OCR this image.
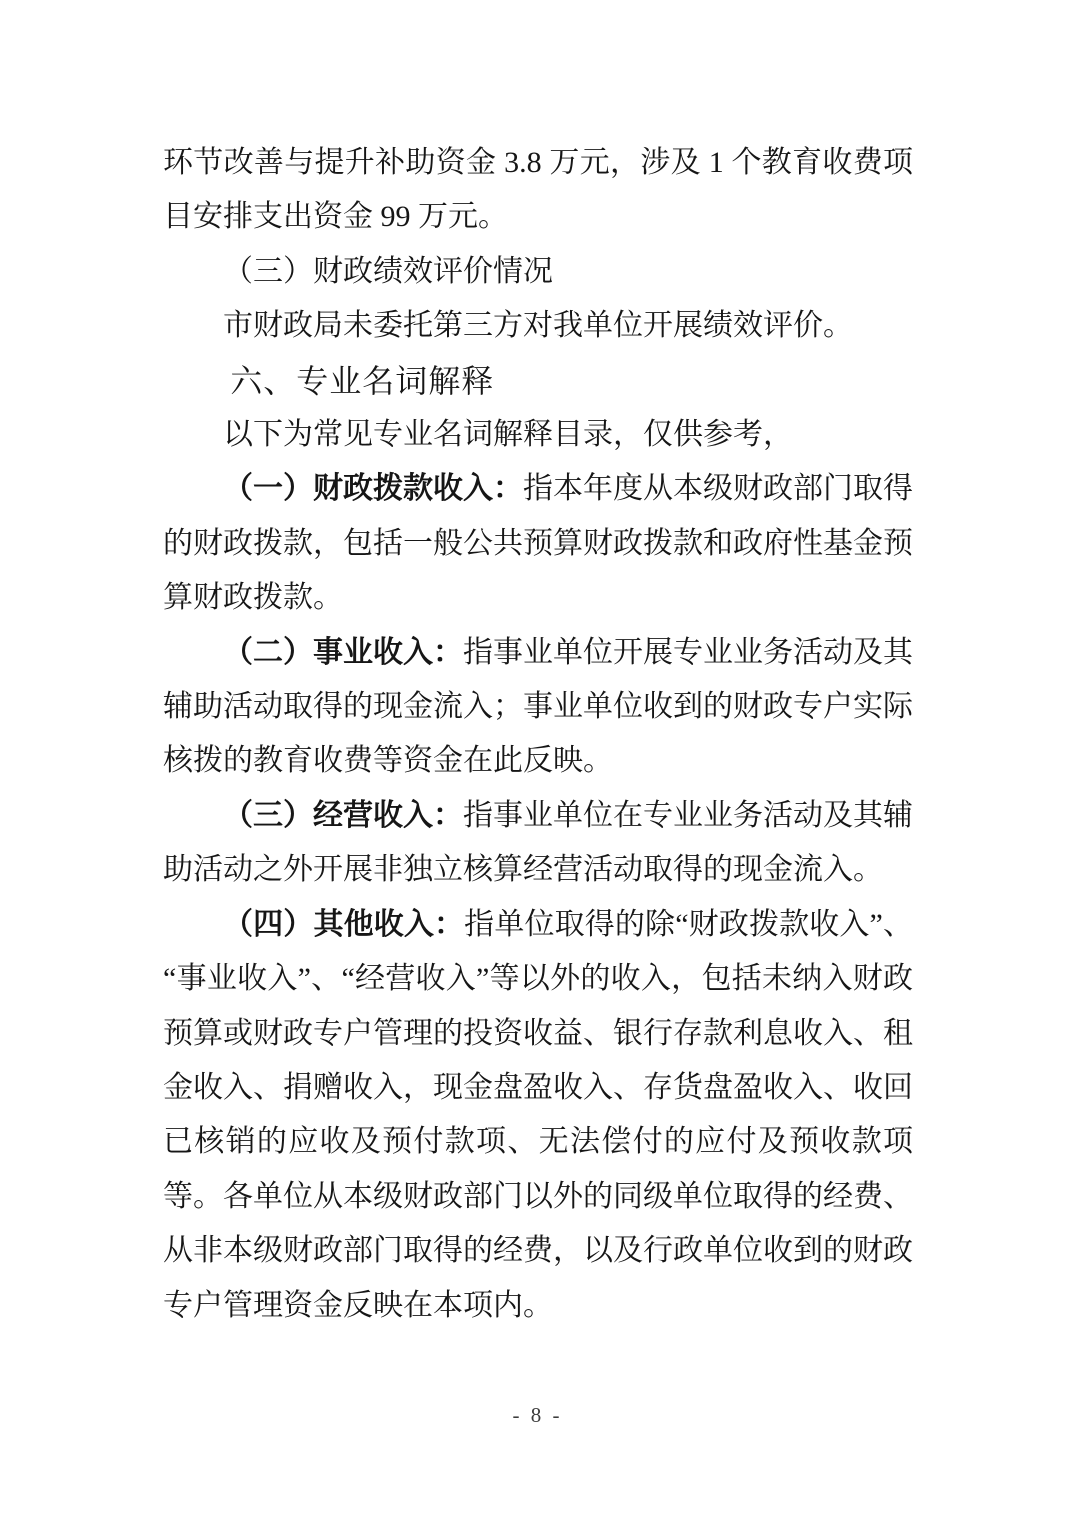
环节改善与提升补助资金 3.8 万元，涉及 1 个教育收费项目安排支出资金 99 万元。

（三）财政绩效评价情况

市财政局未委托第三方对我单位开展绩效评价。

六、专业名词解释

以下为常见专业名词解释目录，仅供参考，

（一）财政拨款收入：指本年度从本级财政部门取得的财政拨款，包括一般公共预算财政拨款和政府性基金预算财政拨款。

（二）事业收入：指事业单位开展专业业务活动及其辅助活动取得的现金流入；事业单位收到的财政专户实际核拨的教育收费等资金在此反映。

（三）经营收入：指事业单位在专业业务活动及其辅助活动之外开展非独立核算经营活动取得的现金流入。

（四）其他收入：指单位取得的除“财政拨款收入”、“事业收入”、“经营收入”等以外的收入，包括未纳入财政预算或财政专户管理的投资收益、银行存款利息收入、租金收入、捐赠收入，现金盘盈收入、存货盘盈收入、收回已核销的应收及预付款项、无法偿付的应付及预收款项等。各单位从本级财政部门以外的同级单位取得的经费、从非本级财政部门取得的经费，以及行政单位收到的财政专户管理资金反映在本项内。

- 8 -
